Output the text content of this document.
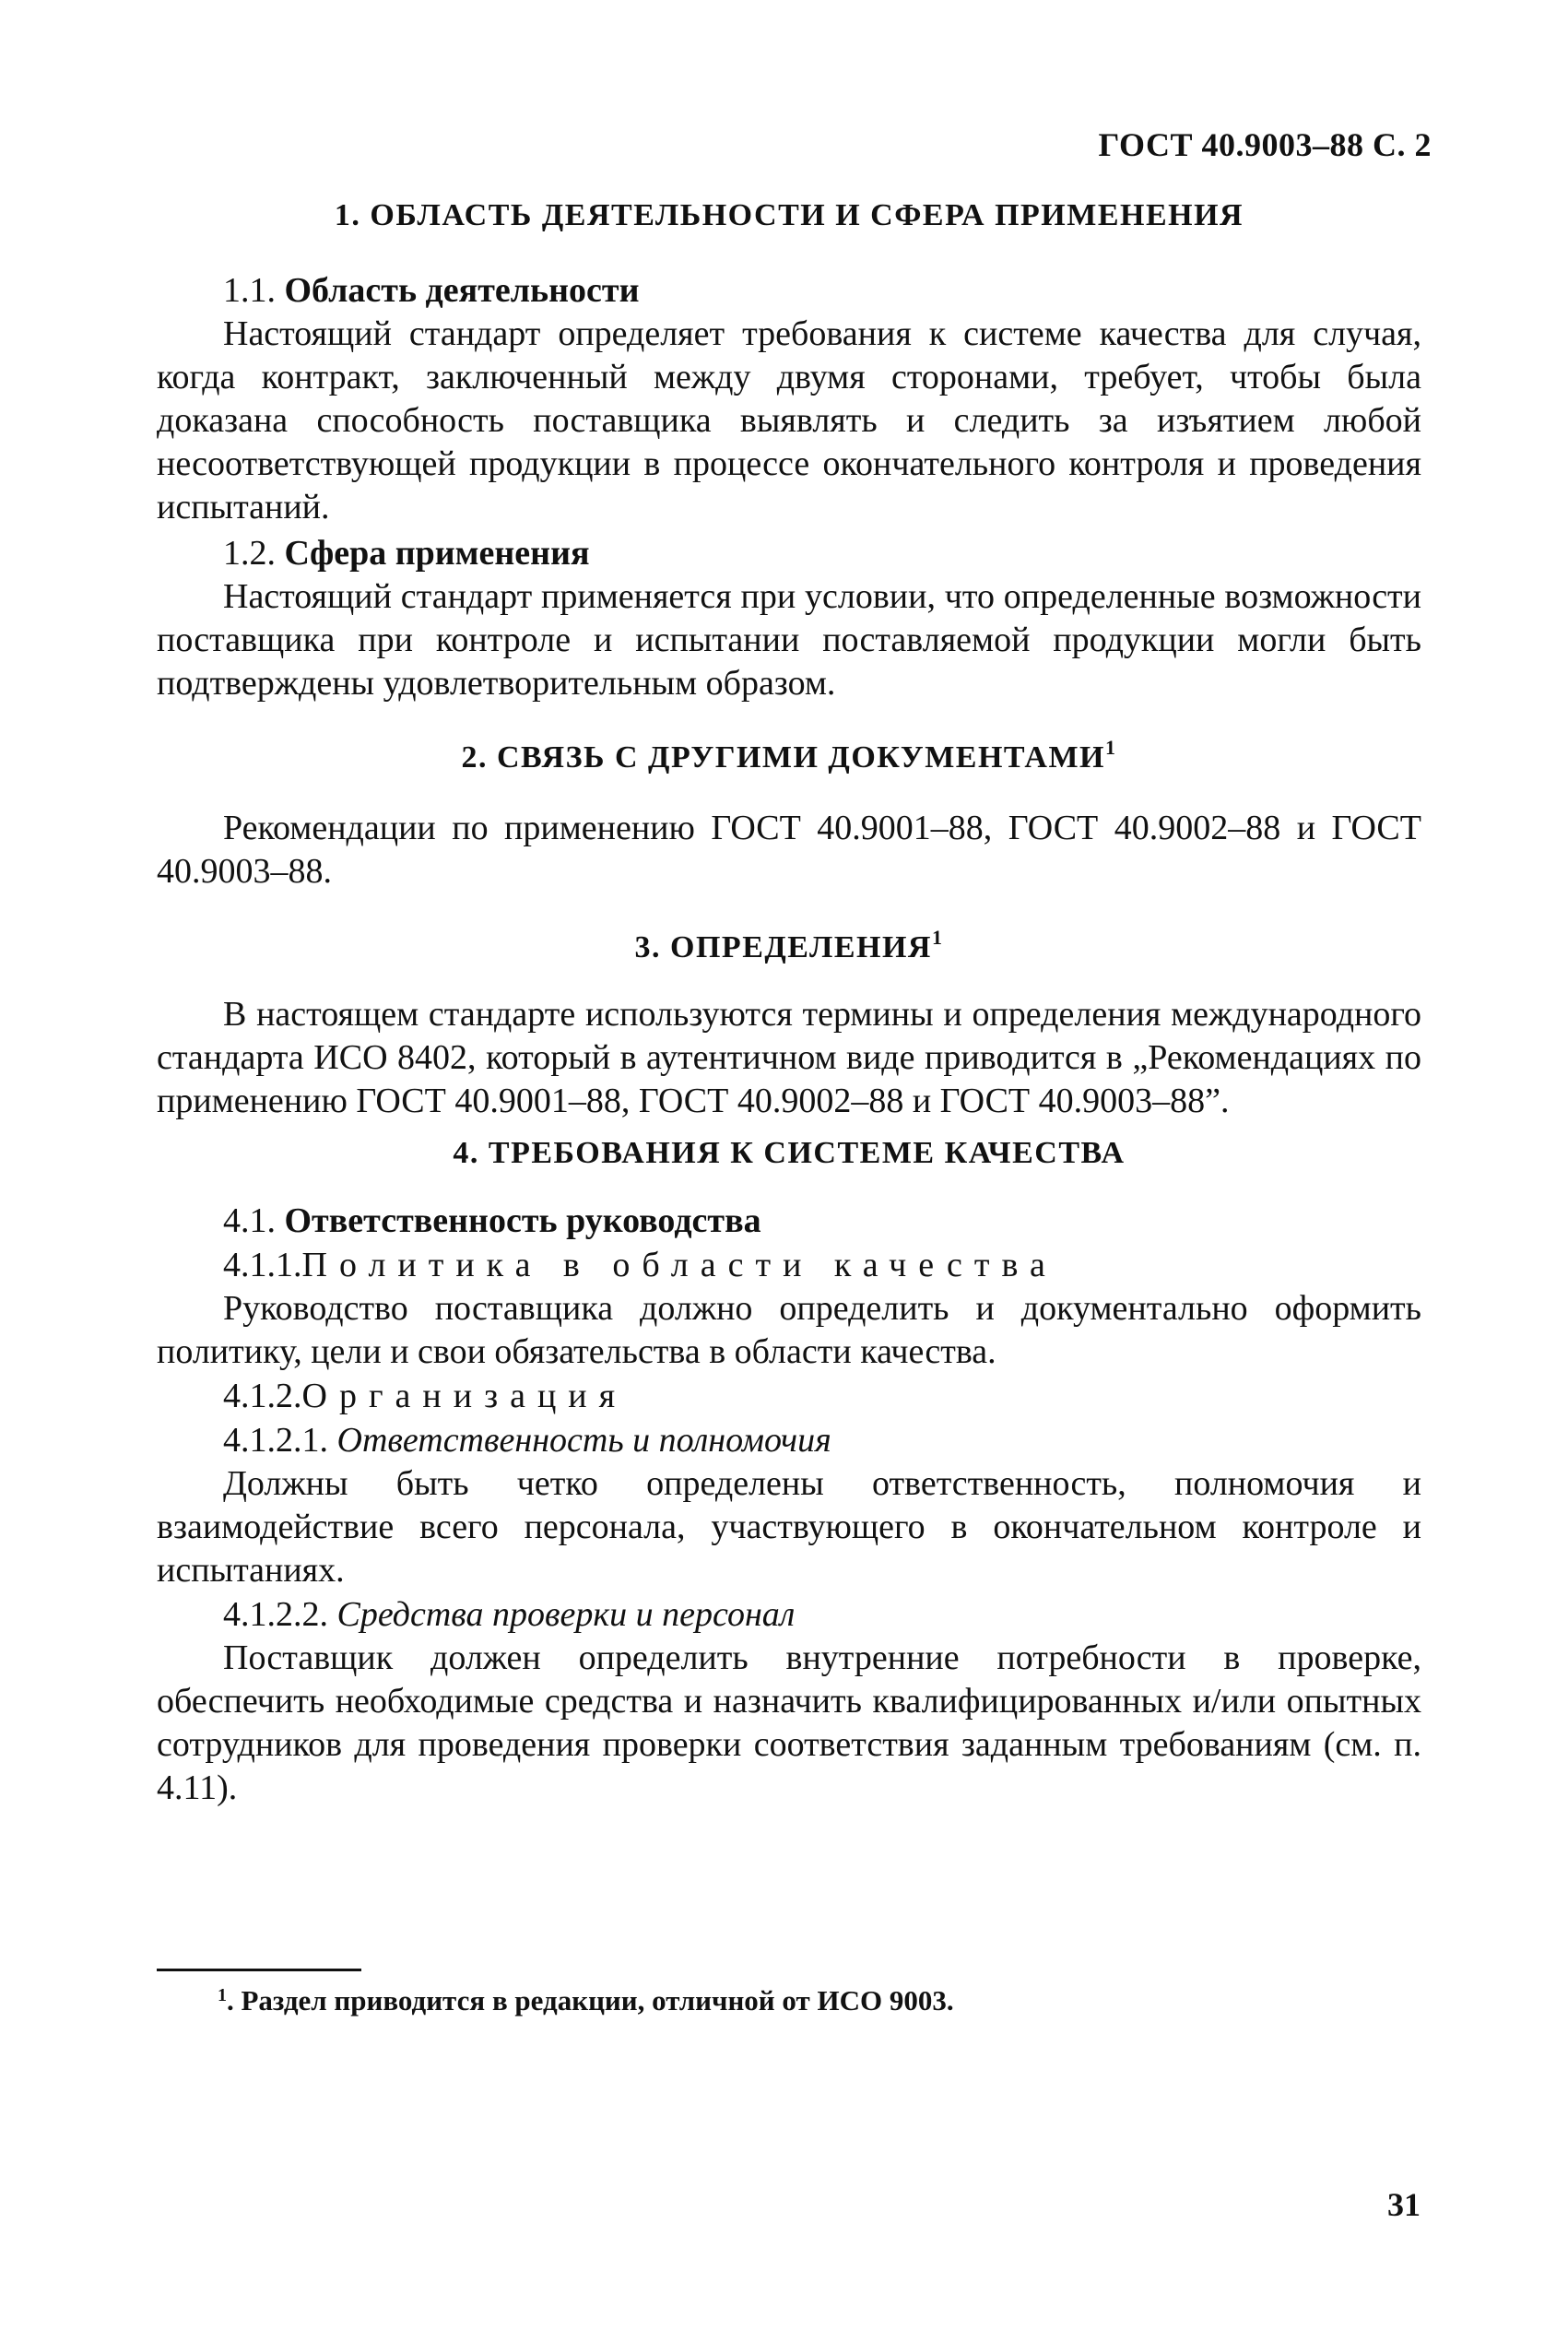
ГОСТ 40.9003–88 С. 2
1. ОБЛАСТЬ ДЕЯТЕЛЬНОСТИ И СФЕРА ПРИМЕНЕНИЯ

1.1. Область деятельности

Настоящий стандарт определяет требования к системе качества для случая, когда контракт, заключенный между двумя сторонами, требует, чтобы была доказана способность поставщика выявлять и следить за изъятием любой несоответствующей продукции в процессе окончательного контроля и проведения испытаний.

1.2. Сфера применения

Настоящий стандарт применяется при условии, что определенные возможности поставщика при контроле и испытании поставляемой продукции могли быть подтверждены удовлетворительным образом.

2. СВЯЗЬ С ДРУГИМИ ДОКУМЕНТАМИ$^1$

Рекомендации по применению ГОСТ 40.9001–88, ГОСТ 40.9002–88 и ГОСТ 40.9003–88.

3. ОПРЕДЕЛЕНИЯ$^1$

В настоящем стандарте используются термины и определения международного стандарта ИСО 8402, который в аутентичном виде приводится в „Рекомендациях по применению ГОСТ 40.9001–88, ГОСТ 40.9002–88 и ГОСТ 40.9003–88”.

4. ТРЕБОВАНИЯ К СИСТЕМЕ КАЧЕСТВА

4.1. Ответственность руководства

4.1.1.Политика в области качества

Руководство поставщика должно определить и документально оформить политику, цели и свои обязательства в области качества.

4.1.2.Организация

4.1.2.1. Ответственность и полномочия

Должны быть четко определены ответственность, полномочия и взаимодействие всего персонала, участвующего в окончательном контроле и испытаниях.

4.1.2.2. Средства проверки и персонал

Поставщик должен определить внутренние потребности в проверке, обеспечить необходимые средства и назначить квалифицированных и/или опытных сотрудников для проведения проверки соответствия заданным требованиям (см. п. 4.11).

$^1$. Раздел приводится в редакции, отличной от ИСО 9003.
31
